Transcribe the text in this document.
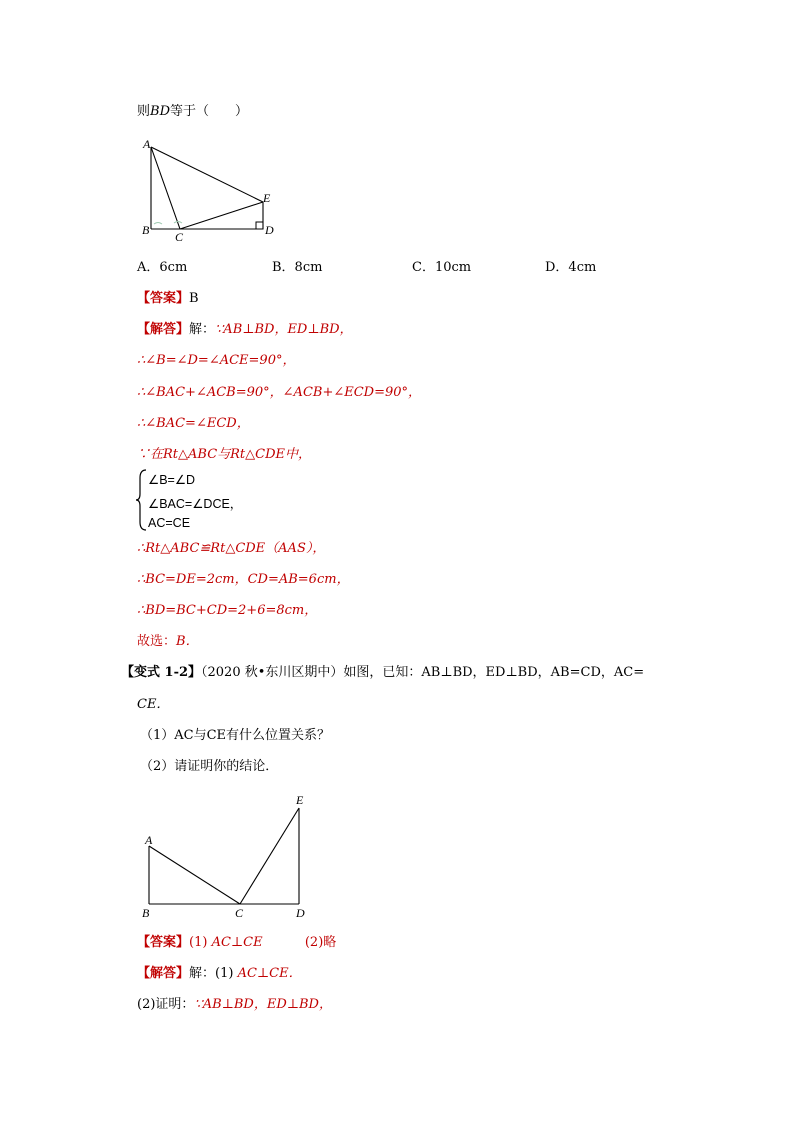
则BD等于（　　）
A
B C	D
E
A
B	C	D
E
A．6cm	B．8cm	C．10cm	D．4cm
【答案】B
【解答】解：∵AB⊥BD，ED⊥BD，
∴∠B=∠D=∠ACE=90°，
∴∠BAC+∠ACB=90°，∠ACB+∠ECD=90°，
∴∠BAC=∠ECD，
∵在Rt△ABC与Rt△CDE中，
∠B=∠D
∠BAC=∠DCE，
AC=CE
∴Rt△ABC≌Rt△CDE（AAS），
∴BC=DE=2cm，CD=AB=6cm，
∴BD=BC+CD=2+6=8cm，
故选：B．
【变式 1-2】（2020 秋•东川区期中）如图，已知：AB⊥BD，ED⊥BD，AB=CD，AC=
CE．
（1）AC与CE有什么位置关系？
（2）请证明你的结论．
【答案】(1) AC⊥CE	(2)略
【解答】解：(1) AC⊥CE．
(2)证明：∵AB⊥BD，ED⊥BD，
